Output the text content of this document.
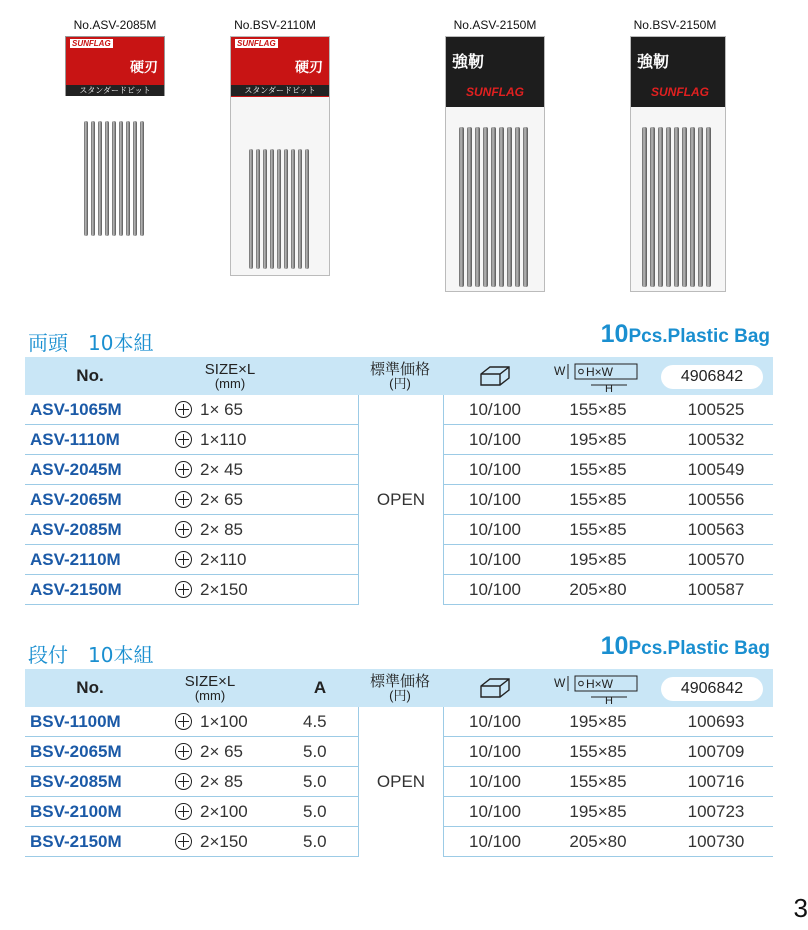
No.ASV-2085M
SUNFLAG
硬刃
スタンダードビット
No.BSV-2110M
SUNFLAG
硬刃
スタンダードビット
No.ASV-2150M
強靭
SUNFLAG
No.BSV-2150M
強靭
SUNFLAG
両頭　10本組	10Pcs.Plastic Bag
No.	SIZE×L
(mm)
標準価格
(円)
W H×W
H
4906842
ASV-1065M	1× 65	10/100	155×85	100525
ASV-1110M	1×110	10/100	195×85	100532
ASV-2045M	2× 45	10/100	155×85	100549
ASV-2065M	2× 65	10/100	155×85	100556
ASV-2085M	2× 85	10/100	155×85	100563
ASV-2110M	2×110	10/100	195×85	100570
ASV-2150M	2×150	10/100	205×80	100587
OPEN
段付　10本組	10Pcs.Plastic Bag
No.	SIZE×L
(mm)	A	標準価格
(円)
W H×W
H
4906842
BSV-1100M	1×100	4.5	10/100	195×85	100693
BSV-2065M	2× 65	5.0	10/100	155×85	100709
BSV-2085M	2× 85	5.0	10/100	155×85	100716
BSV-2100M	2×100	5.0	10/100	195×85	100723
BSV-2150M	2×150	5.0	10/100	205×80	100730
OPEN
3
